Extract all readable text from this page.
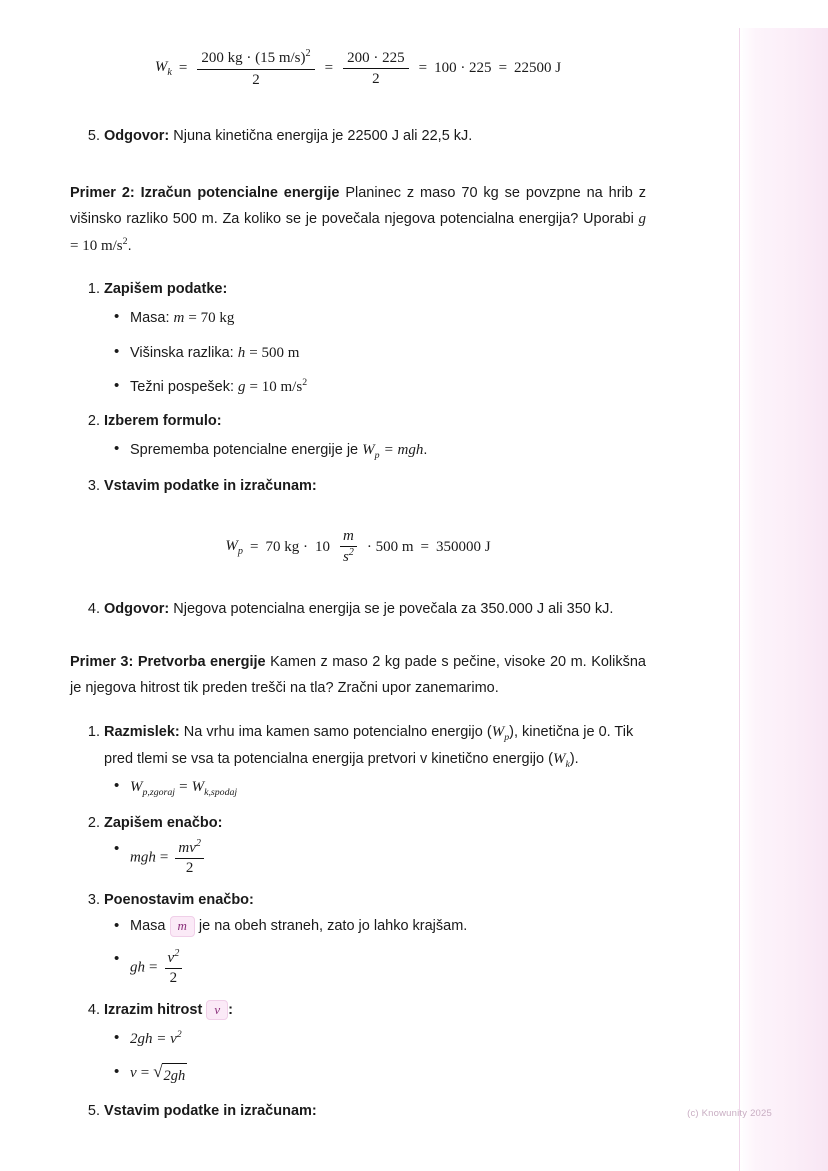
$W_k = \frac{200 kg \cdot (15 m/s)^2}{2} = \frac{200 \cdot 225}{2} = 100 \cdot 225 = 22500$ J
5. Odgovor: Njuna kinetična energija je 22500 J ali 22,5 kJ.

Primer 2: Izračun potencialne energije Planinec z maso 70 kg se povzpne na hrib z višinsko razliko 500 m. Za koliko se je povečala njegova potencialna energija? Uporabi g = 10 $m/s^2$.

1. Zapišem podatke:
• Masa: m = 70 kg
• Višinska razlika: h = 500 m
• Težni pospešek: g = 10 $m/s^2$
2. Izberem formulo:
• Sprememba potencialne energije je $W_p$ = mgh.
3. Vstavim podatke in izračunam:
$W_p = 70$ kg · $10 \frac{m}{s^2} \cdot 500$ m = 350000 J
4. Odgovor: Njegova potencialna energija se je povečala za 350.000 J ali 350 kJ.

Primer 3: Pretvorba energije Kamen z maso 2 kg pade s pečine, visoke 20 m. Kolikšna je njegova hitrost tik preden trešči na tla? Zračni upor zanemarimo.

1. Razmislek: Na vrhu ima kamen samo potencialno energijo $(W_p)$, kinetična je 0. Tik pred tlemi se vsa ta potencialna energija pretvori v kinetično energijo $(W_k)$.
• $W_{p,zgoraj} = W_{k,spodaj}$
2. Zapišem enačbo:
• mgh = $\frac{mv^2}{2}$
3. Poenostavim enačbo:
• Masa m je na obeh straneh, zato jo lahko krajšam.
• gh = $\frac{v^2}{2}$
4. Izrazim hitrost v :
• $2gh = v^2$
• v = √ 2gh
5. Vstavim podatke in izračunam:	(c) Knowunity 2025
